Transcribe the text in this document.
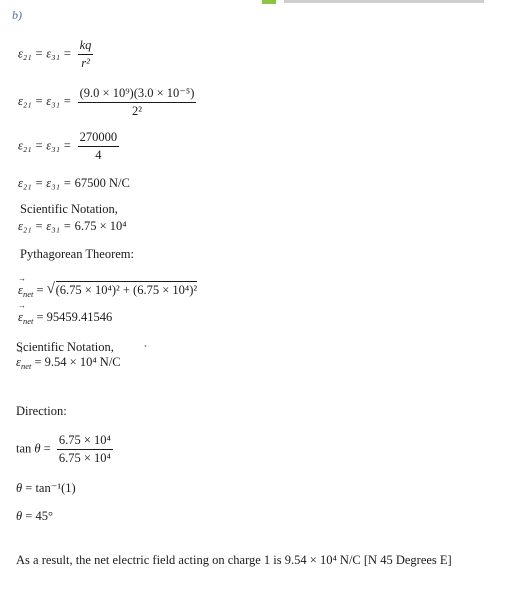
b)
$\varepsilon_{21} = \varepsilon_{31} = \frac{kq}{\text{r²}}$
$\varepsilon_{21} = \varepsilon_{31} = \frac{\text{(9.0 × 10⁹)(3.0 × 10⁻⁵)}}{\text{2²}}$
$\varepsilon_{21} = \varepsilon_{31} = \frac{270000}{4}$
ε₂₁ = ε₃₁ = 67500 N/C
Scientific Notation,
ε₂₁ = ε₃₁ = 6.75 × 10⁴
Pythagorean Theorem:
→ $\varepsilon_{net}$ = √ (6.75 × 10⁴)² + (6.75 × 10⁴)²
→ $\varepsilon_{net} = 95459.41546$
Scientific Notation,	•
→ $\varepsilon_{net} = 9.54 \times 10^4$ N/C
Direction:
$\tan \theta = \frac{\text{6.75 × 10⁴}}{\text{6.75 × 10⁴}}$
θ = tan⁻¹(1)
θ = 45°
As a result, the net electric field acting on charge 1 is 9.54 × 10⁴ N/C [N 45 Degrees E]
